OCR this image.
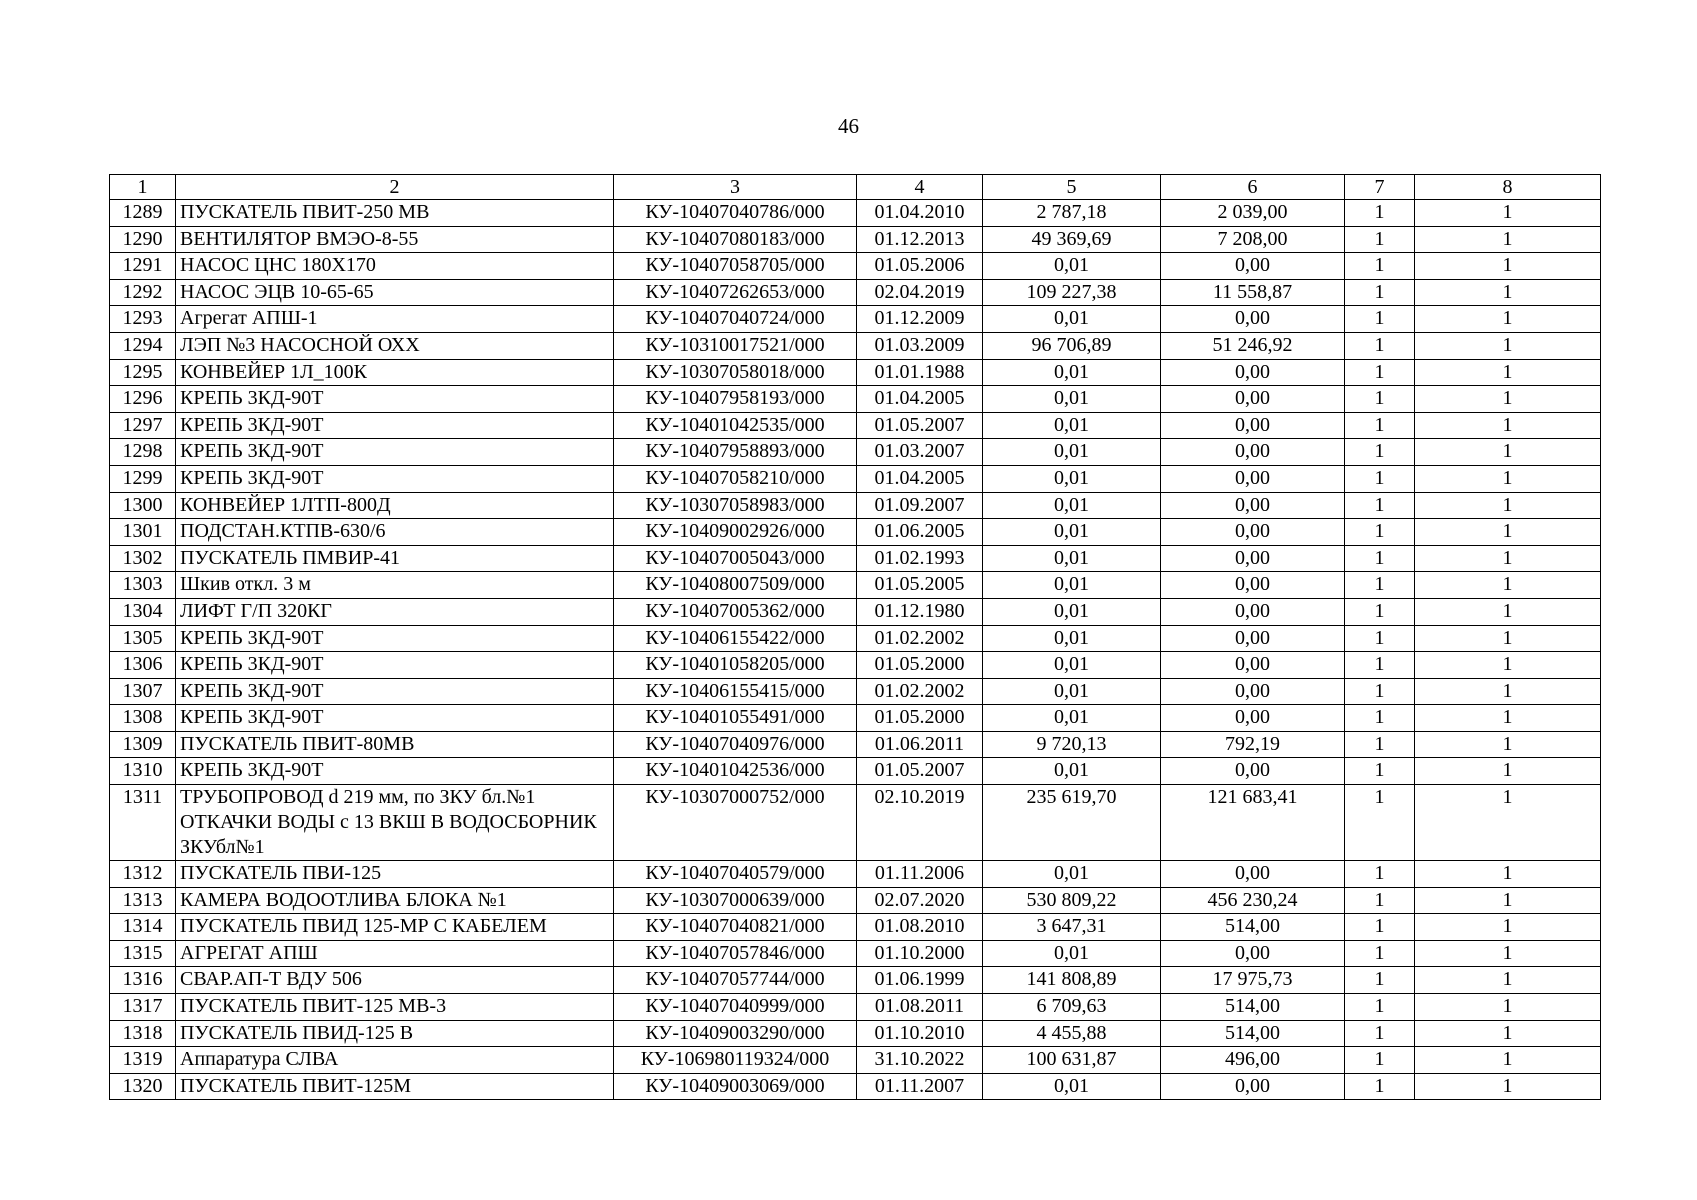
46
1	2	3	4	5	6	7	8
1289	ПУСКАТЕЛЬ ПВИТ-250 МВ	КУ-10407040786/000	01.04.2010	2 787,18	2 039,00	1	1
1290	ВЕНТИЛЯТОР ВМЭО-8-55	КУ-10407080183/000	01.12.2013	49 369,69	7 208,00	1	1
1291	НАСОС ЦНС 180Х170	КУ-10407058705/000	01.05.2006	0,01	0,00	1	1
1292	НАСОС ЭЦВ 10-65-65	КУ-10407262653/000	02.04.2019	109 227,38	11 558,87	1	1
1293	Агрегат АПШ-1	КУ-10407040724/000	01.12.2009	0,01	0,00	1	1
1294	ЛЭП №3 НАСОСНОЙ ОХХ	КУ-10310017521/000	01.03.2009	96 706,89	51 246,92	1	1
1295	КОНВЕЙЕР 1Л_100К	КУ-10307058018/000	01.01.1988	0,01	0,00	1	1
1296	КРЕПЬ 3КД-90Т	КУ-10407958193/000	01.04.2005	0,01	0,00	1	1
1297	КРЕПЬ 3КД-90Т	КУ-10401042535/000	01.05.2007	0,01	0,00	1	1
1298	КРЕПЬ 3КД-90Т	КУ-10407958893/000	01.03.2007	0,01	0,00	1	1
1299	КРЕПЬ 3КД-90Т	КУ-10407058210/000	01.04.2005	0,01	0,00	1	1
1300	КОНВЕЙЕР 1ЛТП-800Д	КУ-10307058983/000	01.09.2007	0,01	0,00	1	1
1301	ПОДСТАН.КТПВ-630/6	КУ-10409002926/000	01.06.2005	0,01	0,00	1	1
1302	ПУСКАТЕЛЬ ПМВИР-41	КУ-10407005043/000	01.02.1993	0,01	0,00	1	1
1303	Шкив откл. 3 м	КУ-10408007509/000	01.05.2005	0,01	0,00	1	1
1304	ЛИФТ Г/П 320КГ	КУ-10407005362/000	01.12.1980	0,01	0,00	1	1
1305	КРЕПЬ 3КД-90Т	КУ-10406155422/000	01.02.2002	0,01	0,00	1	1
1306	КРЕПЬ 3КД-90Т	КУ-10401058205/000	01.05.2000	0,01	0,00	1	1
1307	КРЕПЬ 3КД-90Т	КУ-10406155415/000	01.02.2002	0,01	0,00	1	1
1308	КРЕПЬ 3КД-90Т	КУ-10401055491/000	01.05.2000	0,01	0,00	1	1
1309	ПУСКАТЕЛЬ ПВИТ-80МВ	КУ-10407040976/000	01.06.2011	9 720,13	792,19	1	1
1310	КРЕПЬ 3КД-90Т	КУ-10401042536/000	01.05.2007	0,01	0,00	1	1
1311	ТРУБОПРОВОД d 219 мм, по ЗКУ бл.№1 ОТКАЧКИ ВОДЫ с 13 ВКШ В ВОДОСБОРНИК ЗКУбл№1	КУ-10307000752/000	02.10.2019	235 619,70	121 683,41	1	1
1312	ПУСКАТЕЛЬ ПВИ-125	КУ-10407040579/000	01.11.2006	0,01	0,00	1	1
1313	КАМЕРА ВОДООТЛИВА БЛОКА №1	КУ-10307000639/000	02.07.2020	530 809,22	456 230,24	1	1
1314	ПУСКАТЕЛЬ ПВИД 125-МР С КАБЕЛЕМ	КУ-10407040821/000	01.08.2010	3 647,31	514,00	1	1
1315	АГРЕГАТ АПШ	КУ-10407057846/000	01.10.2000	0,01	0,00	1	1
1316	СВАР.АП-Т ВДУ 506	КУ-10407057744/000	01.06.1999	141 808,89	17 975,73	1	1
1317	ПУСКАТЕЛЬ ПВИТ-125 МВ-3	КУ-10407040999/000	01.08.2011	6 709,63	514,00	1	1
1318	ПУСКАТЕЛЬ ПВИД-125 В	КУ-10409003290/000	01.10.2010	4 455,88	514,00	1	1
1319	Аппаратура СЛВА	КУ-106980119324/000	31.10.2022	100 631,87	496,00	1	1
1320	ПУСКАТЕЛЬ ПВИТ-125М	КУ-10409003069/000	01.11.2007	0,01	0,00	1	1
